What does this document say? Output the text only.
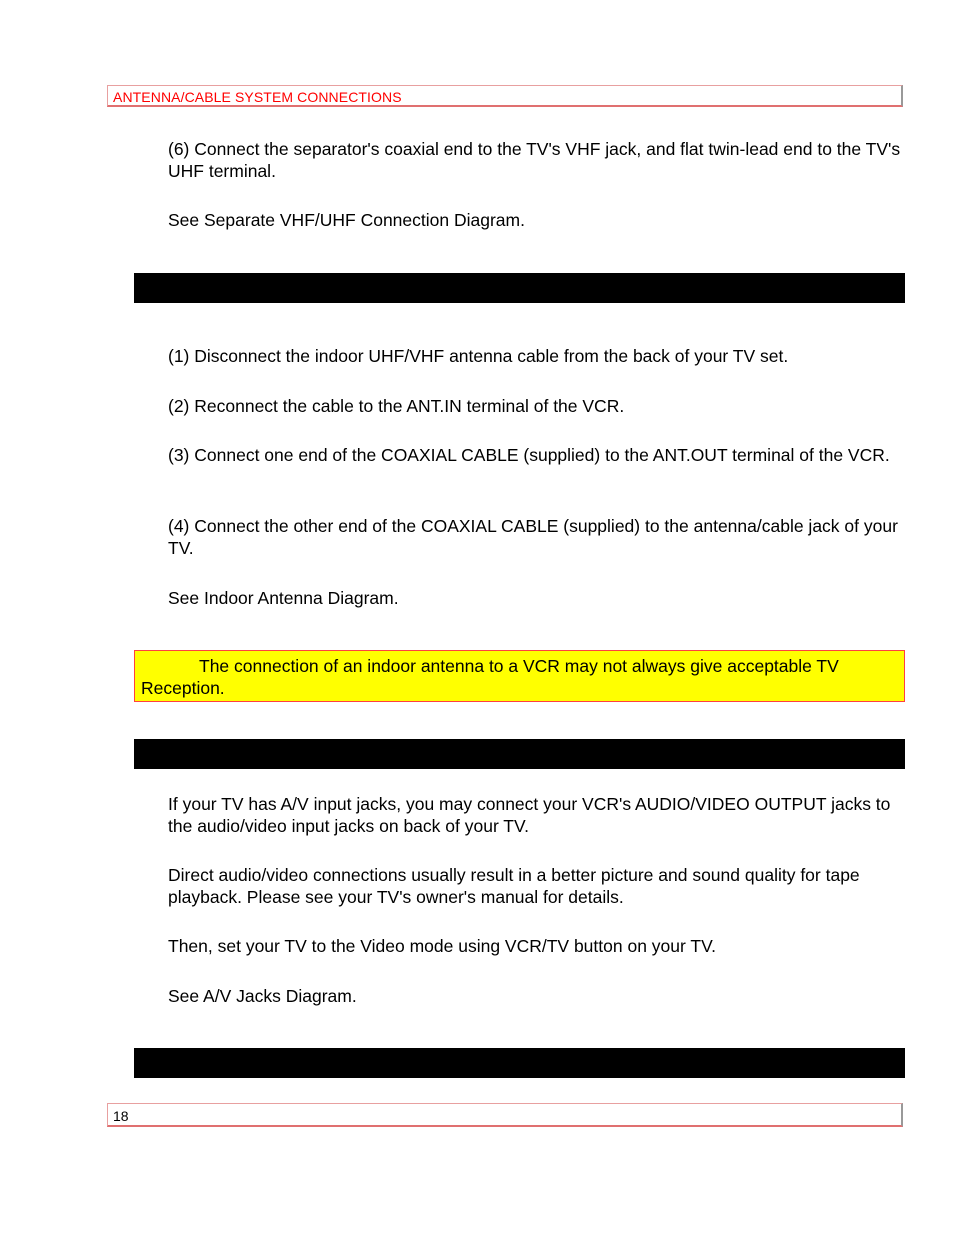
ANTENNA/CABLE SYSTEM CONNECTIONS

(6) Connect the separator's coaxial end to the TV's VHF jack, and flat twin-lead end to the TV's UHF terminal.

See Separate VHF/UHF Connection Diagram.

(1) Disconnect the indoor UHF/VHF antenna cable from the back of your TV set.

(2) Reconnect the cable to the ANT.IN terminal of the VCR.

(3) Connect one end of the COAXIAL CABLE (supplied) to the ANT.OUT terminal of the VCR.

(4) Connect the other end of the COAXIAL CABLE (supplied) to the antenna/cable jack of your TV.

See Indoor Antenna Diagram.

The connection of an indoor antenna to a VCR may not always give acceptable TV Reception.

If your TV has A/V input jacks, you may connect your VCR's AUDIO/VIDEO OUTPUT jacks to the audio/video input jacks on back of your TV.

Direct audio/video connections usually result in a better picture and sound quality for tape playback. Please see your TV's owner's manual for details.

Then, set your TV to the Video mode using VCR/TV button on your TV.

See A/V Jacks Diagram.

18
